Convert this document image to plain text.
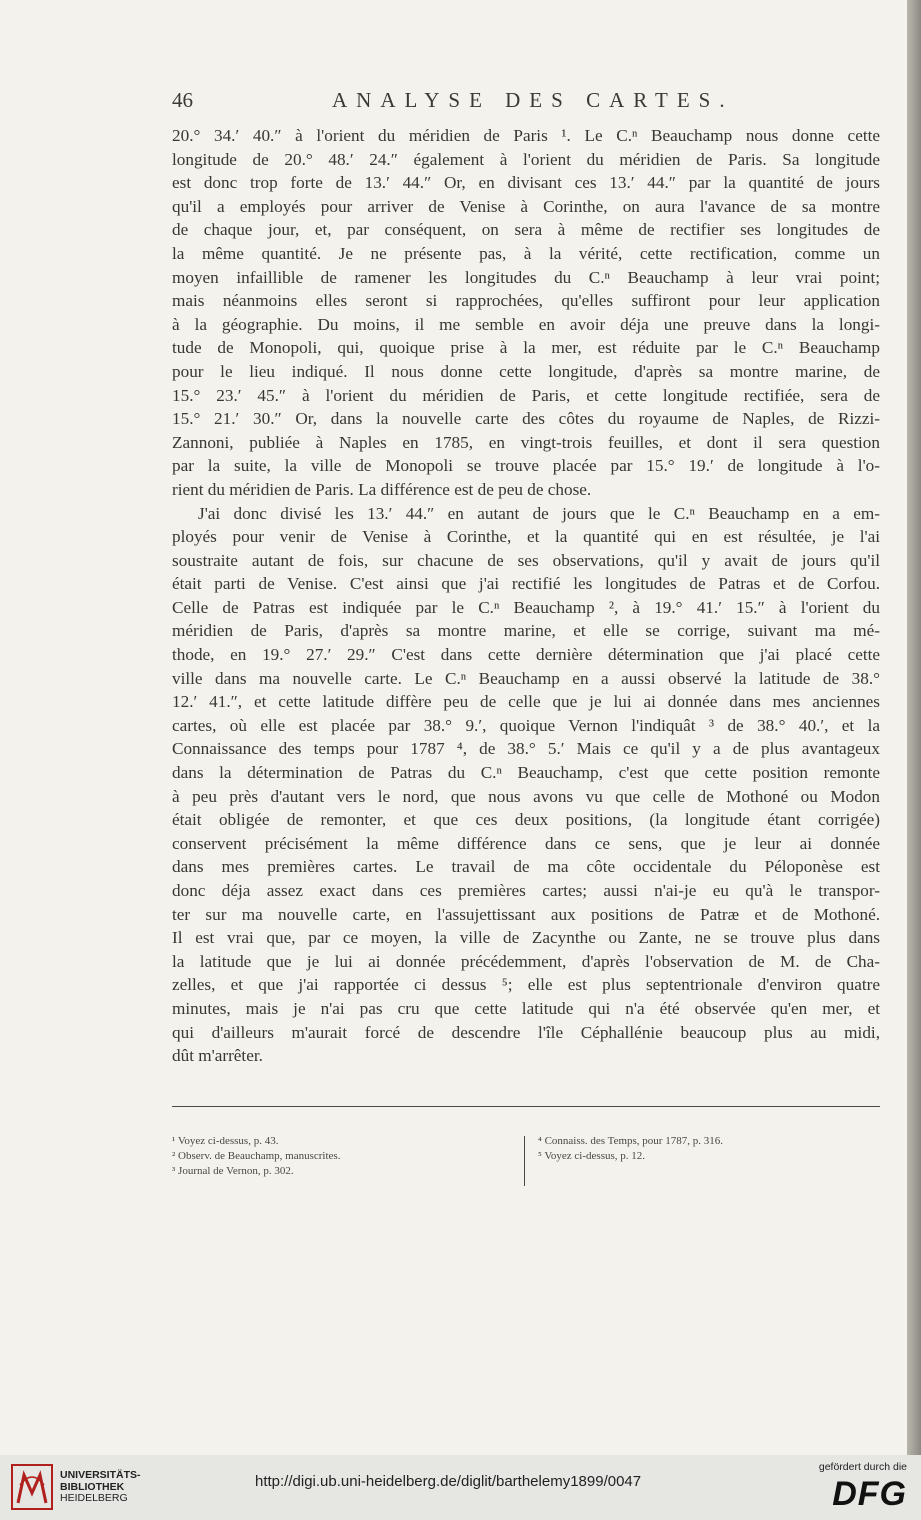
46	ANALYSE DES CARTES.
20.° 34.′ 40.″ à l'orient du méridien de Paris ¹. Le C.ⁿ Beauchamp nous donne cette
longitude de 20.° 48.′ 24.″ également à l'orient du méridien de Paris. Sa longitude
est donc trop forte de 13.′ 44.″ Or, en divisant ces 13.′ 44.″ par la quantité de jours
qu'il a employés pour arriver de Venise à Corinthe, on aura l'avance de sa montre
de chaque jour, et, par conséquent, on sera à même de rectifier ses longitudes de
la même quantité. Je ne présente pas, à la vérité, cette rectification, comme un
moyen infaillible de ramener les longitudes du C.ⁿ Beauchamp à leur vrai point;
mais néanmoins elles seront si rapprochées, qu'elles suffiront pour leur application
à la géographie. Du moins, il me semble en avoir déja une preuve dans la longi-
tude de Monopoli, qui, quoique prise à la mer, est réduite par le C.ⁿ Beauchamp
pour le lieu indiqué. Il nous donne cette longitude, d'après sa montre marine, de
15.° 23.′ 45.″ à l'orient du méridien de Paris, et cette longitude rectifiée, sera de
15.° 21.′ 30.″ Or, dans la nouvelle carte des côtes du royaume de Naples, de Rizzi-
Zannoni, publiée à Naples en 1785, en vingt-trois feuilles, et dont il sera question
par la suite, la ville de Monopoli se trouve placée par 15.° 19.′ de longitude à l'o-
rient du méridien de Paris. La différence est de peu de chose.
J'ai donc divisé les 13.′ 44.″ en autant de jours que le C.ⁿ Beauchamp en a em-
ployés pour venir de Venise à Corinthe, et la quantité qui en est résultée, je l'ai
soustraite autant de fois, sur chacune de ses observations, qu'il y avait de jours qu'il
était parti de Venise. C'est ainsi que j'ai rectifié les longitudes de Patras et de Corfou.
Celle de Patras est indiquée par le C.ⁿ Beauchamp ², à 19.° 41.′ 15.″ à l'orient du
méridien de Paris, d'après sa montre marine, et elle se corrige, suivant ma mé-
thode, en 19.° 27.′ 29.″ C'est dans cette dernière détermination que j'ai placé cette
ville dans ma nouvelle carte. Le C.ⁿ Beauchamp en a aussi observé la latitude de 38.°
12.′ 41.″, et cette latitude diffère peu de celle que je lui ai donnée dans mes anciennes
cartes, où elle est placée par 38.° 9.′, quoique Vernon l'indiquât ³ de 38.° 40.′, et la
Connaissance des temps pour 1787 ⁴, de 38.° 5.′ Mais ce qu'il y a de plus avantageux
dans la détermination de Patras du C.ⁿ Beauchamp, c'est que cette position remonte
à peu près d'autant vers le nord, que nous avons vu que celle de Mothoné ou Modon
était obligée de remonter, et que ces deux positions, (la longitude étant corrigée)
conservent précisément la même différence dans ce sens, que je leur ai donnée
dans mes premières cartes. Le travail de ma côte occidentale du Péloponèse est
donc déja assez exact dans ces premières cartes; aussi n'ai-je eu qu'à le transpor-
ter sur ma nouvelle carte, en l'assujettissant aux positions de Patræ et de Mothoné.
Il est vrai que, par ce moyen, la ville de Zacynthe ou Zante, ne se trouve plus dans
la latitude que je lui ai donnée précédemment, d'après l'observation de M. de Cha-
zelles, et que j'ai rapportée ci dessus ⁵; elle est plus septentrionale d'environ quatre
minutes, mais je n'ai pas cru que cette latitude qui n'a été observée qu'en mer, et
qui d'ailleurs m'aurait forcé de descendre l'île Céphallénie beaucoup plus au midi,
dût m'arrêter.
¹ Voyez ci-dessus, p. 43.
² Observ. de Beauchamp, manuscrites.
³ Journal de Vernon, p. 302.
⁴ Connaiss. des Temps, pour 1787, p. 316.
⁵ Voyez ci-dessus, p. 12.
UNIVERSITÄTS-
BIBLIOTHEK
HEIDELBERG
http://digi.ub.uni-heidelberg.de/diglit/barthelemy1899/0047
gefördert durch die
DFG
